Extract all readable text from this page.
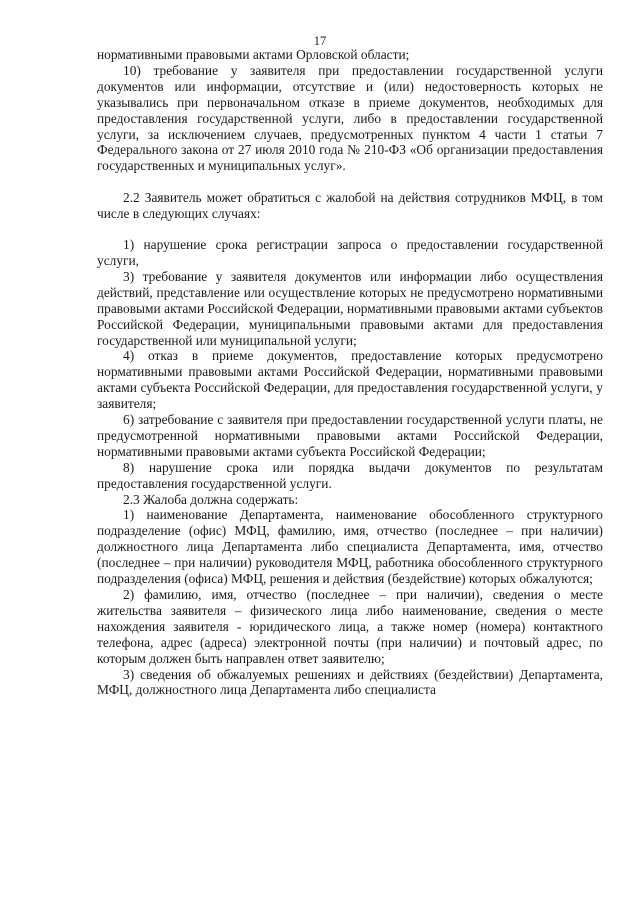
17

нормативными правовыми актами Орловской области;

10) требование у заявителя при предоставлении государственной услуги документов или информации, отсутствие и (или) недостоверность которых не указывались при первоначальном отказе в приеме документов, необходимых для предоставления государственной услуги, либо в предоставлении государственной услуги, за исключением случаев, предусмотренных пунктом 4 части 1 статьи 7 Федерального закона от 27 июля 2010 года № 210-ФЗ «Об организации предоставления государственных и муниципальных услуг».

2.2 Заявитель может обратиться с жалобой на действия сотрудников МФЦ, в том числе в следующих случаях:

1) нарушение срока регистрации запроса о предоставлении государственной услуги,

3) требование у заявителя документов или информации либо осуществления действий, представление или осуществление которых не предусмотрено нормативными правовыми актами Российской Федерации, нормативными правовыми актами субъектов Российской Федерации, муниципальными правовыми актами для предоставления государственной или муниципальной услуги;

4) отказ в приеме документов, предоставление которых предусмотрено нормативными правовыми актами Российской Федерации, нормативными правовыми актами субъекта Российской Федерации, для предоставления государственной услуги, у заявителя;

6) затребование с заявителя при предоставлении государственной услуги платы, не предусмотренной нормативными правовыми актами Российской Федерации, нормативными правовыми актами субъекта Российской Федерации;

8) нарушение срока или порядка выдачи документов по результатам предоставления государственной услуги.

2.3 Жалоба должна содержать:

1) наименование Департамента, наименование обособленного структурного подразделение (офис) МФЦ, фамилию, имя, отчество (последнее – при наличии) должностного лица Департамента либо специалиста Департамента, имя, отчество (последнее – при наличии) руководителя МФЦ, работника обособленного структурного подразделения (офиса) МФЦ, решения и действия (бездействие) которых обжалуются;

2) фамилию, имя, отчество (последнее – при наличии), сведения о месте жительства заявителя – физического лица либо наименование, сведения о месте нахождения заявителя - юридического лица, а также номер (номера) контактного телефона, адрес (адреса) электронной почты (при наличии) и почтовый адрес, по которым должен быть направлен ответ заявителю;

3) сведения об обжалуемых решениях и действиях (бездействии) Департамента, МФЦ, должностного лица Департамента либо специалиста
